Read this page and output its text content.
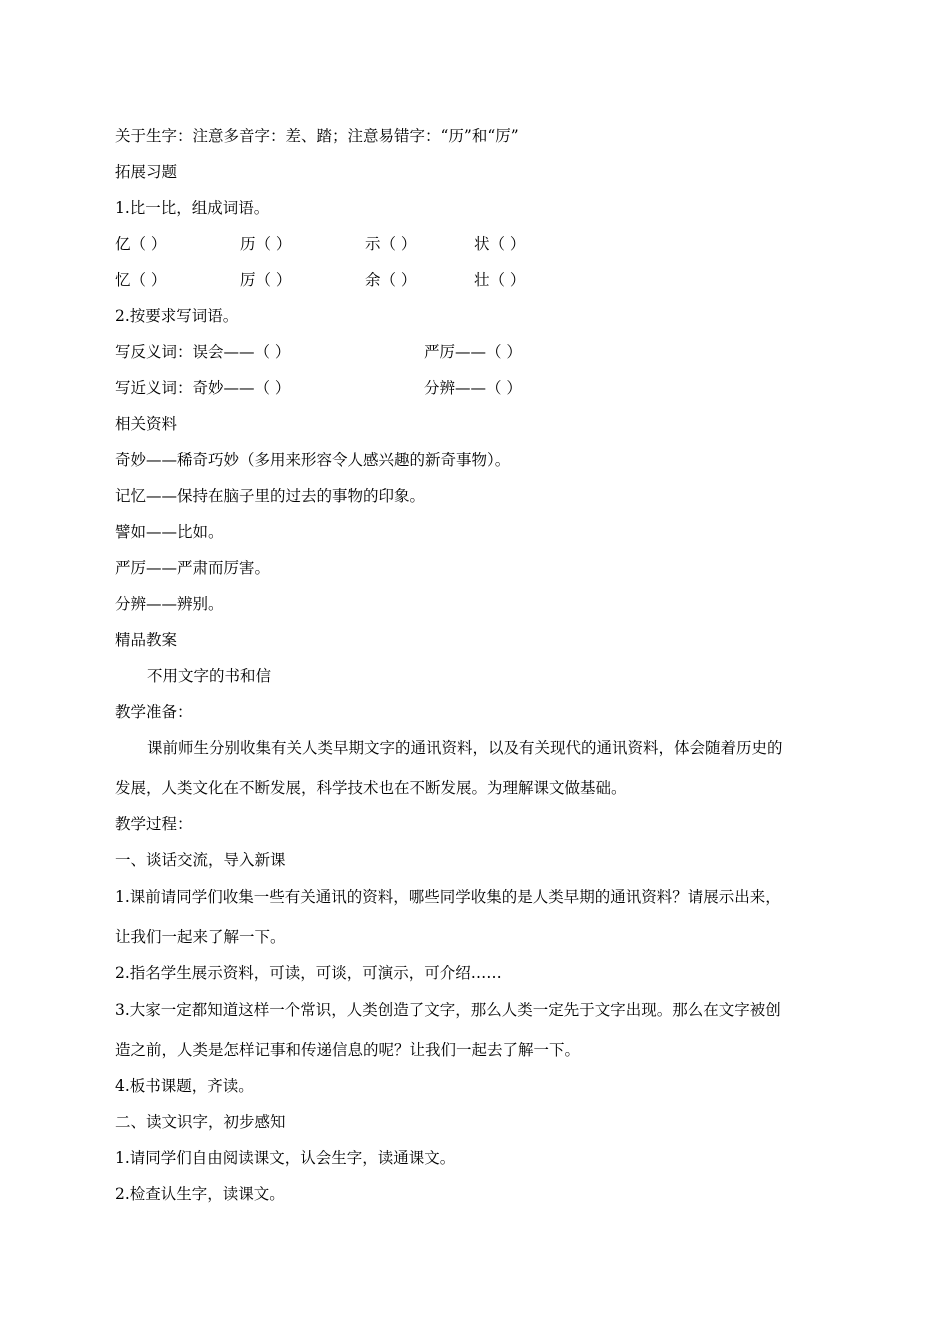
关于生字：注意多音字：差、踏；注意易错字：“历”和“厉”
拓展习题
1.比一比，组成词语。
亿（ ）	历（ ）	示（ ）	状（ ）
忆（ ）	厉（ ）	余（ ）	壮（ ）
2.按要求写词语。
写反义词：误会——（ ）	严厉——（ ）
写近义词：奇妙——（ ）	分辨——（ ）
相关资料
奇妙——稀奇巧妙（多用来形容令人感兴趣的新奇事物）。
记忆——保持在脑子里的过去的事物的印象。
譬如——比如。
严厉——严肃而厉害。
分辨——辨别。
精品教案
不用文字的书和信
教学准备：
课前师生分别收集有关人类早期文字的通讯资料，以及有关现代的通讯资料，体会随着历史的
发展，人类文化在不断发展，科学技术也在不断发展。为理解课文做基础。
教学过程：
一、谈话交流，导入新课
1.课前请同学们收集一些有关通讯的资料，哪些同学收集的是人类早期的通讯资料？请展示出来，
让我们一起来了解一下。
2.指名学生展示资料，可读，可谈，可演示，可介绍……
3.大家一定都知道这样一个常识，人类创造了文字，那么人类一定先于文字出现。那么在文字被创
造之前，人类是怎样记事和传递信息的呢？让我们一起去了解一下。
4.板书课题，齐读。
二、读文识字，初步感知
1.请同学们自由阅读课文，认会生字，读通课文。
2.检查认生字，读课文。
